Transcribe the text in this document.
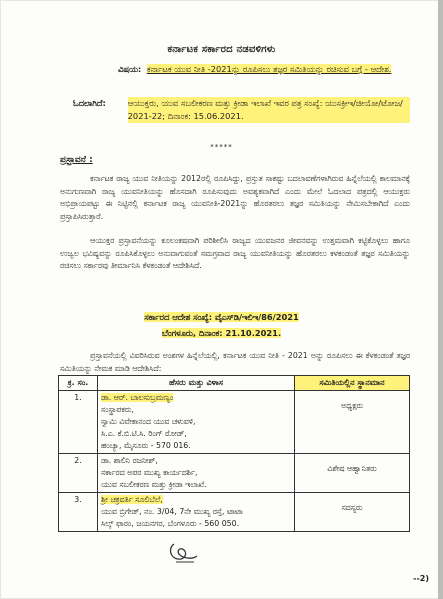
ಕರ್ನಾಟಕ ಸರ್ಕಾರದ ನಡವಳಿಗಳು
ವಿಷಯ: ಕರ್ನಾಟಕ ಯುವ ನೀತಿ -2021ನ್ನು ರೂಪಿಸಲು ತಜ್ಞರ ಸಮಿತಿಯನ್ನು ರಚಿಸುವ ಬಗ್ಗೆ - ಆದೇಶ.
ಓದಲಾಗಿದೆ:	ಆಯುಕ್ತರು, ಯುವ ಸಬಲೀಕರಣ ಮತ್ತು ಕ್ರೀಡಾ ಇಲಾಖೆ ಇವರ ಪತ್ರ ಸಂಖ್ಯೆ: ಯುಸಕ್ರೀಇ/ಜೀಯೋ/ಟೋಜ/ 2021-22; ದಿನಾಂಕ: 15.06.2021.
*****
ಪ್ರಸ್ತಾವನೆ :
ಕರ್ನಾಟಕ ರಾಜ್ಯ ಯುವ ನೀತಿಯನ್ನು 2012ರಲ್ಲಿ ರೂಪಿಸಿದ್ದು, ಪ್ರಸ್ತುತ ಸಾಕಷ್ಟು ಬದಲಾವಣೆಗಳಾಗಿರುವ ಹಿನ್ನೆಲೆಯಲ್ಲಿ ಕಾಲಮಾನಕ್ಕೆ ಅನುಗುಣವಾಗಿ ರಾಜ್ಯ ಯುವನೀತಿಯನ್ನು ಹೊಸದಾಗಿ ರೂಪಿಸುವುದು ಅವಶ್ಯಕವಾಗಿದೆ ಎಂದು ಮೇಲೆ ಓದಲಾದ ಪತ್ರದಲ್ಲಿ ಆಯುಕ್ತರು ಅಭಿಪ್ರಾಯಪಟ್ಟು ಈ ನಿಟ್ಟಿನಲ್ಲಿ ಕರ್ನಾಟಕ ರಾಜ್ಯ ಯುವನೀತಿ-2021ನ್ನು ಹೊರತರಲು ತಜ್ಞರ ಸಮಿತಿಯನ್ನು ನೇಮಿಸಬೇಕಾಗಿದೆ ಎಂದು ಪ್ರಸ್ತಾಪಿಸಿರುತ್ತಾರೆ.
ಆಯುಕ್ತರ ಪ್ರಸ್ತಾವನೆಯನ್ನು ಕೂಲಂಕಷವಾಗಿ ಪರಿಶೀಲಿಸಿ ರಾಜ್ಯದ ಯುವಜನರ ಜೀವನವನ್ನು ಉತ್ತಮವಾಗಿ ಕಟ್ಟಿಕೊಳ್ಳಲು ಹಾಗೂ ಉಜ್ವಲ ಭವಿಷ್ಯವನ್ನು ರೂಪಿಸಿಕೊಳ್ಳಲು ಅನುವಾಗುವಂತೆ ಸಮಗ್ರವಾದ ರಾಜ್ಯ ಯುವನೀತಿಯನ್ನು ಹೊರತರಲು ಕಳಕಂಡಂತೆ ತಜ್ಞರ ಸಮಿತಿಯನ್ನು ರಚಿಸಲು ಸರ್ಕಾರವು ತೀರ್ಮಾನಿಸಿ ಕೆಳಕಂಡಂತೆ ಆದೇಶಿಸಿದೆ.
ಸರ್ಕಾರದ ಆದೇಶ ಸಂಖ್ಯೆ: ವೈಎಸ್‌ಡಿ/ಇಲಿಇ/86/2021
ಬೆಂಗಳೂರು, ದಿನಾಂಕ: 21.10.2021.
ಪ್ರಸ್ತಾವನೆಯಲ್ಲಿ ವಿವರಿಸಿರುವ ಅಂಶಗಳ ಹಿನ್ನೆಲೆಯಲ್ಲಿ, ಕರ್ನಾಟಕ ಯುವ ನೀತಿ - 2021 ಅನ್ನು ರೂಪಿಸಲು ಈ ಕೆಳಕಂಡಂತೆ ತಜ್ಞರ ಸಮಿತಿಯನ್ನು ನೇಮಕ ಮಾಡಿ ಆದೇಶಿಸಿದೆ:
ಕ್ರ. ಸಂ.	ಹೆಸರು ಮತ್ತು ವಿಳಾಸ	ಸಮಿತಿಯಲ್ಲಿನ ಸ್ಥಾನಮಾನ
1.	ಡಾ. ಆರ್. ಬಾಲಸುಬ್ರಮಣ್ಯಂ
ಸಂಸ್ಥಾಪಕರು,
ಸ್ವಾಮಿ ವಿವೇಕಾನಂದ ಯುವ ಚಳುವಳಿ,
ಸಿ.ಎ. ಕೆ.ಬಿ.ಟಿ.ಸಿ. ರಿಂಗ್ ರೋಡ್,
ಹಂಚ್ಯಾ, ಮೈಸೂರು - 570 016.	ಅಧ್ಯಕ್ಷರು

2.	ಡಾ. ಶಾಲಿನಿ ರಜನೀಶ್,
ಸರ್ಕಾರದ ಅಪರ ಮುಖ್ಯ ಕಾರ್ಯದರ್ಶಿ,
ಯುವ ಸಬಲೀಕರಣ ಮತ್ತು ಕ್ರೀಡಾ ಇಲಾಖೆ.	ವಿಶೇಷ ಆಹ್ವಾನಿತರು

3.	ಶ್ರೀ ಚಕ್ರವರ್ತಿ ಸೂಲಿಬೆಲೆ,
ಯುವ ಬ್ರಿಗೇಡ್, ನಂ. 3/04, 7ನೇ ಮುಖ್ಯ ರಸ್ತೆ, ಟಾಟಾ
ಸಿಲ್ಕ್ ಫಾರಂ, ಜಯನಗರ, ಬೆಂಗಳೂರು - 560 050.	ಸದಸ್ಯರು
--2)
